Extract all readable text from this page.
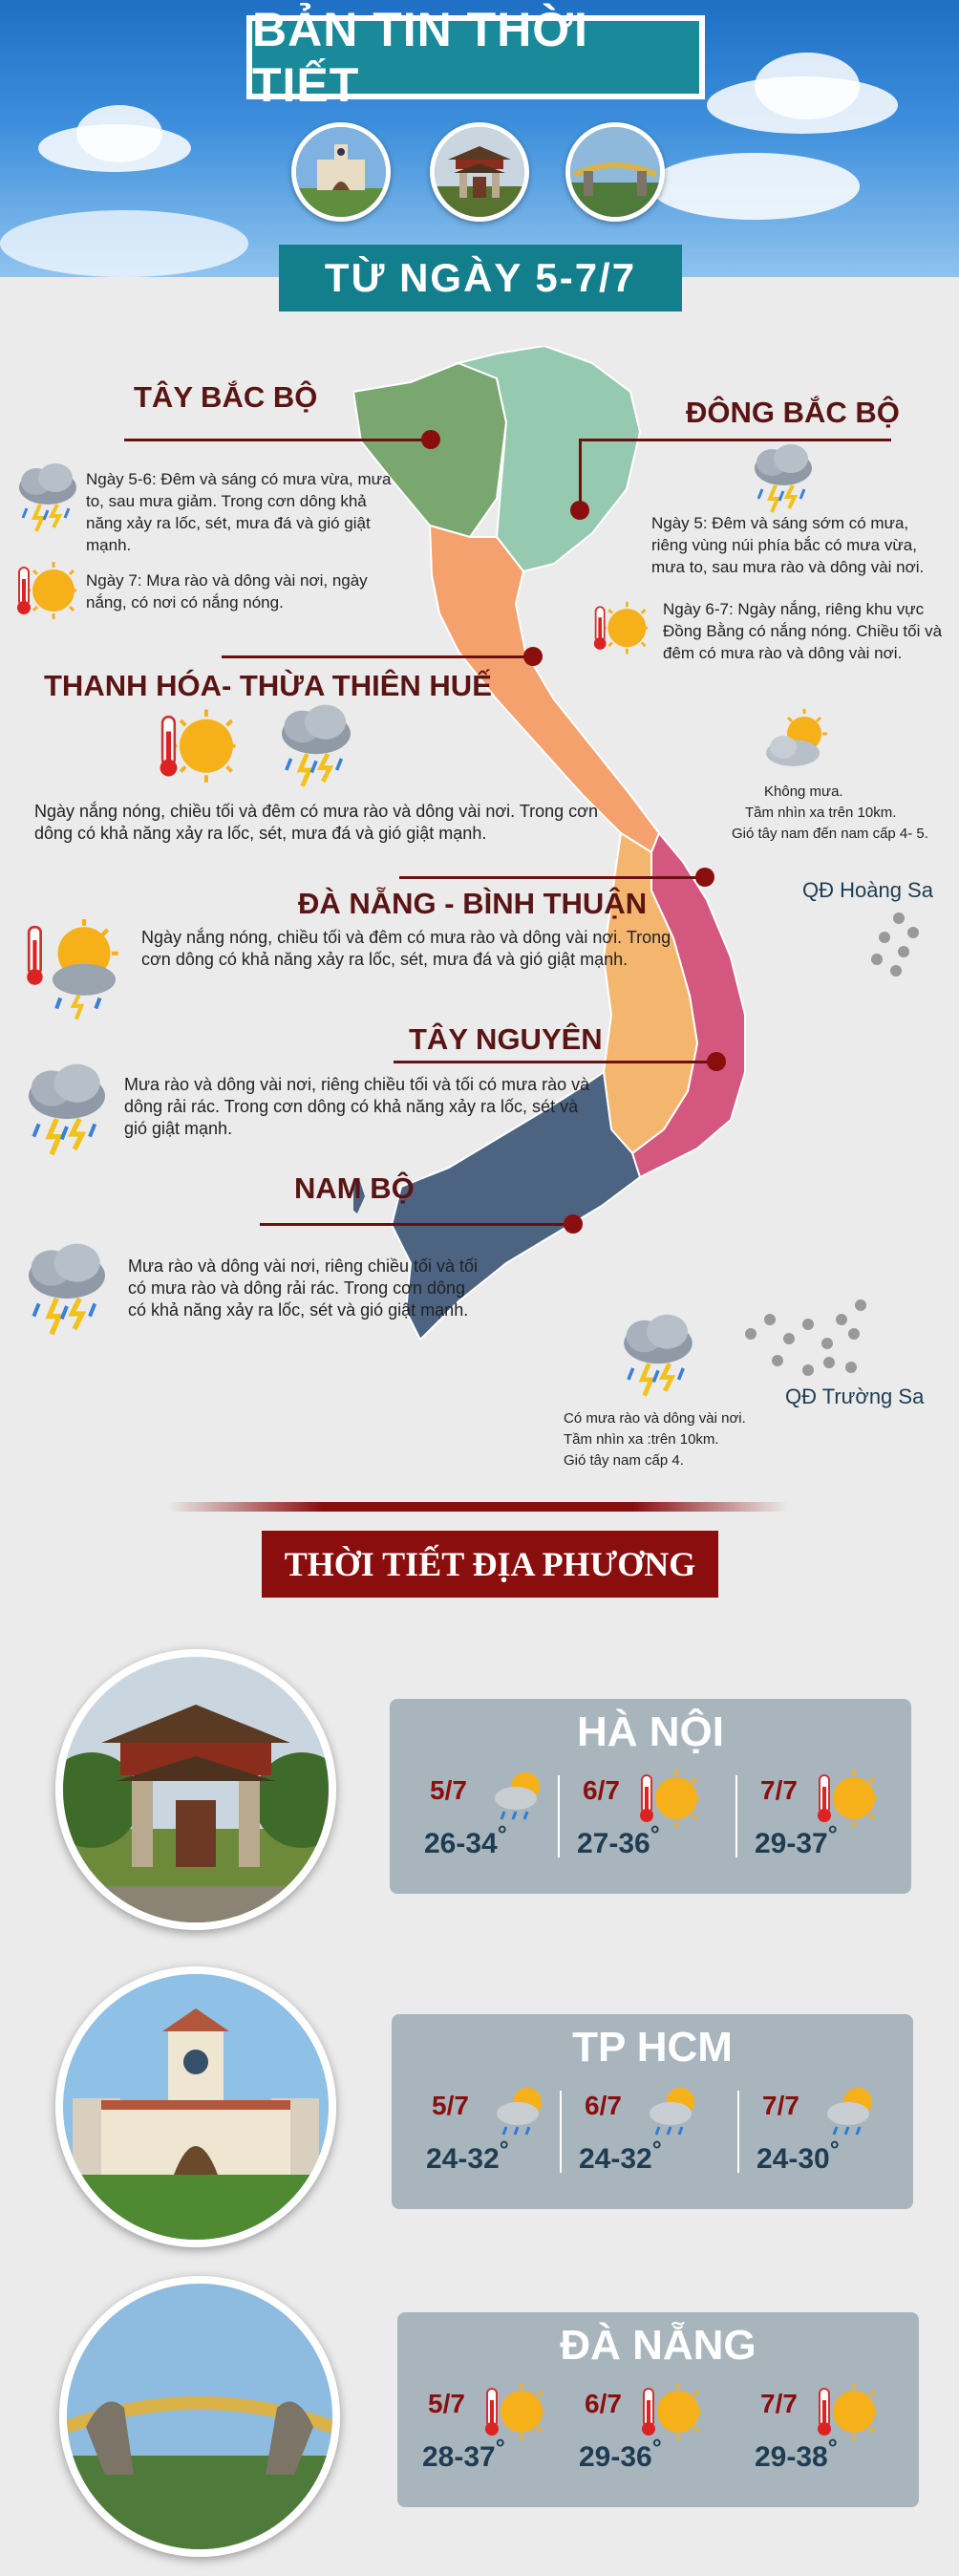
BẢN TIN THỜI TIẾT
TỪ NGÀY 5-7/7
TÂY BẮC BỘ
Ngày 5-6: Đêm và sáng có mưa vừa, mưa to, sau mưa giảm. Trong cơn dông khả năng xảy ra lốc, sét, mưa đá và gió giật mạnh.
Ngày 7: Mưa rào và dông vài nơi, ngày nắng, có nơi có nắng nóng.
ĐÔNG BẮC BỘ
Ngày 5: Đêm và sáng sớm có mưa, riêng vùng núi phía bắc có mưa vừa, mưa to, sau mưa rào và dông vài nơi.
Ngày 6-7: Ngày nắng, riêng khu vực Đồng Bằng có nắng nóng. Chiều tối và đêm có mưa rào và dông vài nơi.
THANH HÓA- THỪA THIÊN HUẾ
Ngày nắng nóng, chiều tối và đêm có mưa rào và dông vài nơi. Trong cơn dông có khả năng xảy ra lốc, sét, mưa đá và gió giật mạnh.
Không mưa.
Tầm nhìn xa trên 10km.
Gió tây nam đến nam cấp 4- 5.
QĐ Hoàng Sa
ĐÀ NẴNG - BÌNH THUẬN
Ngày nắng nóng, chiều tối và đêm có mưa rào và dông vài nơi. Trong cơn dông có khả năng xảy ra lốc, sét, mưa đá và gió giật mạnh.
TÂY NGUYÊN
Mưa rào và dông vài nơi, riêng chiều tối và tối có mưa rào và dông rải rác. Trong cơn dông có khả năng xảy ra lốc, sét và gió giật mạnh.
NAM BỘ
Mưa rào và dông vài nơi, riêng chiều tối và tối có mưa rào và dông rải rác. Trong cơn dông có khả năng xảy ra lốc, sét và gió giật mạnh.
QĐ Trường Sa
Có mưa rào và dông vài nơi.
Tầm nhìn xa :trên 10km.
Gió tây nam cấp 4.
THỜI TIẾT ĐỊA PHƯƠNG
HÀ NỘI
5/7
26-34°
6/7
27-36°
7/7
29-37°
TP HCM
5/7
24-32°
6/7
24-32°
7/7
24-30°
ĐÀ NẴNG
5/7
28-37°
6/7
29-36°
7/7
29-38°
